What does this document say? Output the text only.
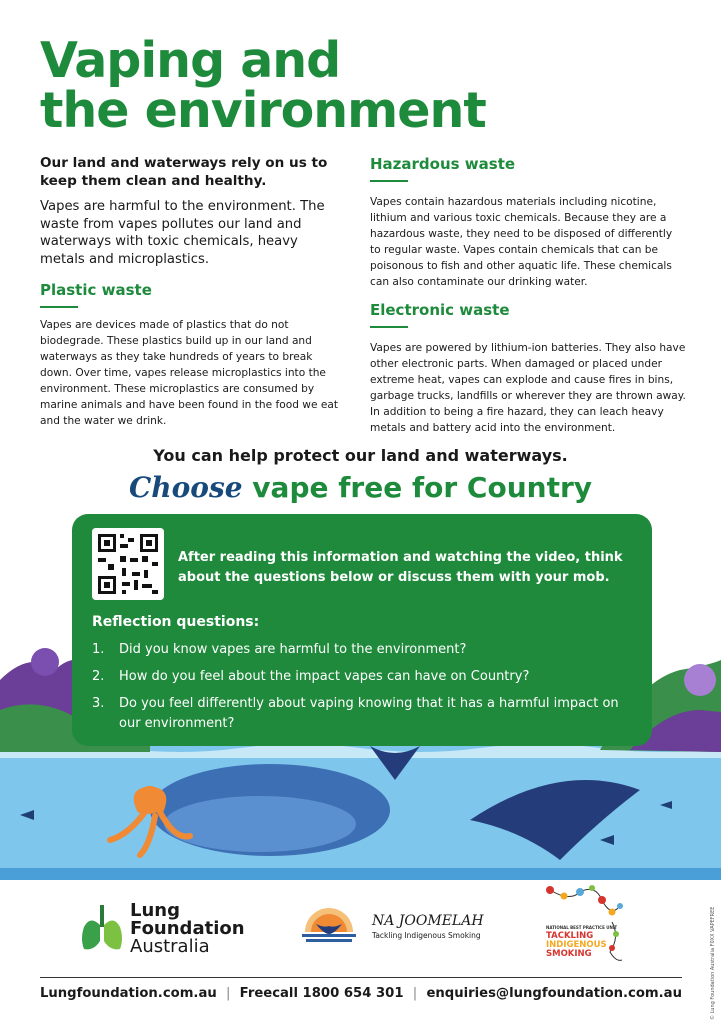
Vaping and
the environment

Our land and waterways rely on us to keep them clean and healthy.

Vapes are harmful to the environment. The waste from vapes pollutes our land and waterways with toxic chemicals, heavy metals and microplastics.

Plastic waste

Vapes are devices made of plastics that do not biodegrade. These plastics build up in our land and waterways as they take hundreds of years to break down. Over time, vapes release microplastics into the environment. These microplastics are consumed by marine animals and have been found in the food we eat and the water we drink.

Hazardous waste

Vapes contain hazardous materials including nicotine, lithium and various toxic chemicals. Because they are a hazardous waste, they need to be disposed of differently to regular waste. Vapes contain chemicals that can be poisonous to fish and other aquatic life. These chemicals can also contaminate our drinking water.

Electronic waste

Vapes are powered by lithium-ion batteries. They also have other electronic parts. When damaged or placed under extreme heat, vapes can explode and cause fires in bins, garbage trucks, landfills or wherever they are thrown away. In addition to being a fire hazard, they can leach heavy metals and battery acid into the environment.

You can help protect our land and waterways.
Choose vape free for Country

After reading this information and watching the video, think about the questions below or discuss them with your mob.

Reflection questions:
1.	Did you know vapes are harmful to the environment?
2.	How do you feel about the impact vapes can have on Country?
3.	Do you feel differently about vaping knowing that it has a harmful impact on our environment?
Lung
Foundation
Australia
NA JOOMELAH
Tackling Indigenous Smoking
NATIONAL BEST PRACTICE UNIT
TACKLING
INDIGENOUS
SMOKING	© Lung Foundation Australia F0XX VAPEFREE
Lungfoundation.com.au | Freecall 1800 654 301 | enquiries@lungfoundation.com.au
